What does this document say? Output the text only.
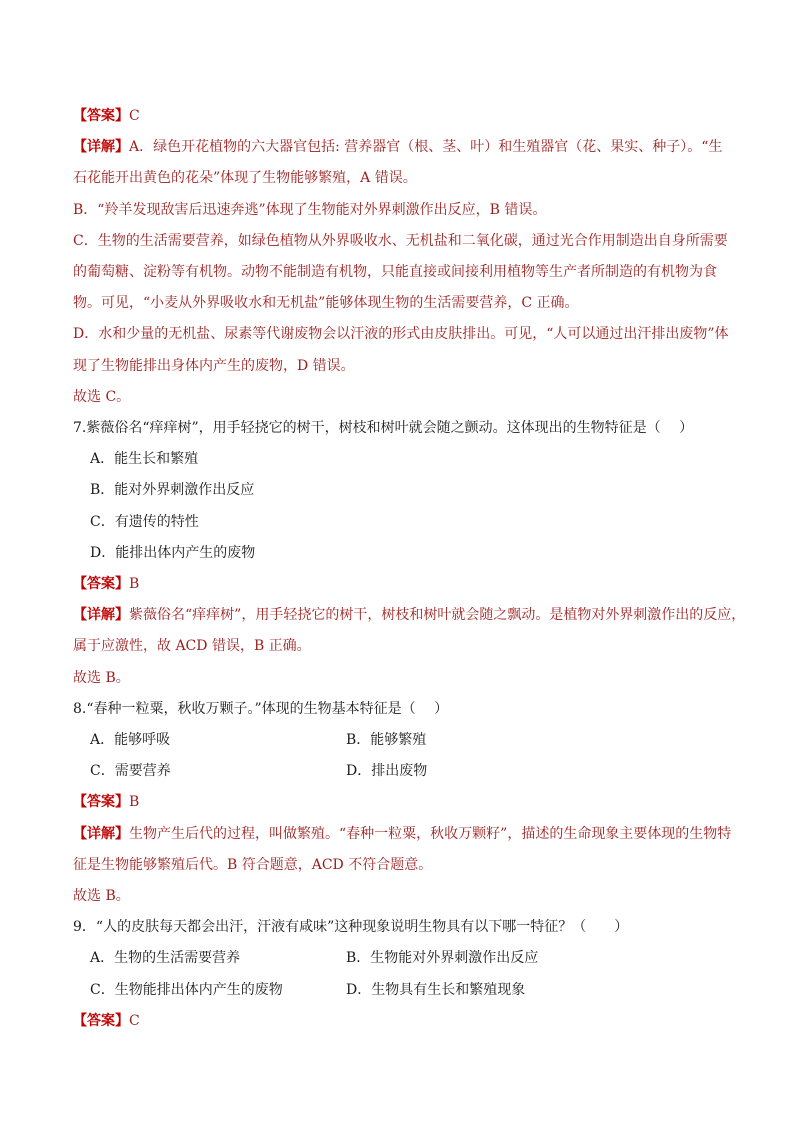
【答案】C
【详解】A．绿色开花植物的六大器官包括: 营养器官（根、茎、叶）和生殖器官（花、果实、种子）。“生
石花能开出黄色的花朵”体现了生物能够繁殖，A 错误。
B．“羚羊发现敌害后迅速奔逃”体现了生物能对外界刺激作出反应，B 错误。
C．生物的生活需要营养，如绿色植物从外界吸收水、无机盐和二氧化碳，通过光合作用制造出自身所需要
的葡萄糖、淀粉等有机物。动物不能制造有机物，只能直接或间接利用植物等生产者所制造的有机物为食
物。可见，“小麦从外界吸收水和无机盐”能够体现生物的生活需要营养，C 正确。
D．水和少量的无机盐、尿素等代谢废物会以汗液的形式由皮肤排出。可见，“人可以通过出汗排出废物”体
现了生物能排出身体内产生的废物，D 错误。
故选 C。
7.紫薇俗名“痒痒树”，用手轻挠它的树干，树枝和树叶就会随之颤动。这体现出的生物特征是（　 ）
A．能生长和繁殖
B．能对外界刺激作出反应
C．有遗传的特性
D．能排出体内产生的废物
【答案】B
【详解】紫薇俗名“痒痒树”，用手轻挠它的树干，树枝和树叶就会随之飘动。是植物对外界刺激作出的反应，
属于应激性，故 ACD 错误，B 正确。
故选 B。
8.“春种一粒粟，秋收万颗子。”体现的生物基本特征是（　 ）
A．能够呼吸	B．能够繁殖
C．需要营养	D．排出废物
【答案】B
【详解】生物产生后代的过程，叫做繁殖。“春种一粒粟，秋收万颗籽”，描述的生命现象主要体现的生物特
征是生物能够繁殖后代。B 符合题意，ACD 不符合题意。
故选 B。
9．“人的皮肤每天都会出汗，汗液有咸味”这种现象说明生物具有以下哪一特征？（　　）
A．生物的生活需要营养	B．生物能对外界刺激作出反应
C．生物能排出体内产生的废物	D．生物具有生长和繁殖现象
【答案】C
